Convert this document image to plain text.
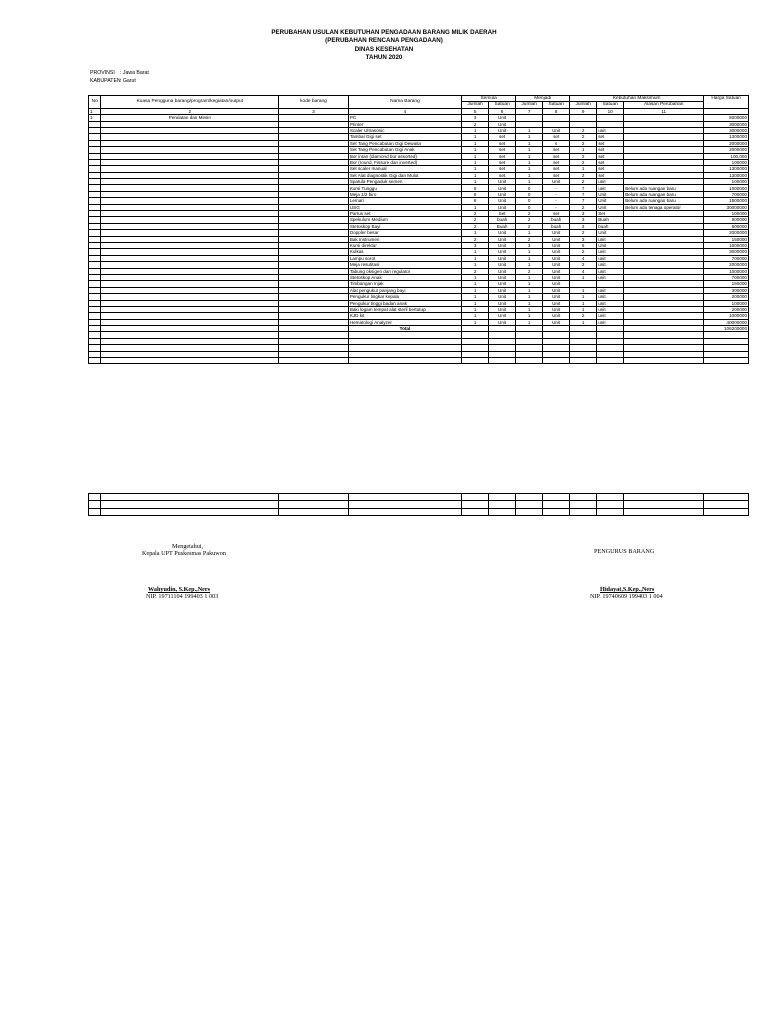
PERUBAHAN USULAN KEBUTUHAN PENGADAAN BARANG MILIK DAERAH
(PERUBAHAN RENCANA PENGADAAN)
DINAS KESEHATAN
TAHUN 2020
PROVINSI : Jawa Barat
KABUPATEN: Garut
No	Kuasa Pengguna barang/program/kegiatan/output	kode barang	Nama Barang	Semula		Menjadi		Kebutuhan Maksimum			Harga Satuan
				Jumlah	Satuan	Jumlah	Satuan	Jumlah	Satuan	Alasan Perubahan	
1	2	3	4	5	6	7	8	9	10	11	
1	Peralatan dan Mesin		PC	3	Unit						5000000
			Printer	2	Unit						3000000
			Scaler Ultrasonic	1	Unit	1	Unit	2	unit		3000000
			Tambal Gigi set	1	set	1	set	2	set		1300000
			Set Tang Pencabutan Gigi Dewasa	1	set	1	s	2	set		2000000
			Set Tang Pencabutan Gigi Anak	1	set	1	set	1	set		2000000
			Bor intan (diamond bur assorted)	1	set	1	set	2	set		100,000
			Bor (round, Fissure dan inverted)	1	set	1	set	2	set		100000
			Set scaler manual	1	set	1	set	1	set		1300000
			Set Alat diagnostik Gigi dan Mulut	1	set	1	set	2	set		1300000
			Spatula Pengaduk semen	1	Unit	1	Unit	2	unit		100000
			Kursi Tunggu	6	Unit	0	-	7	unit	Belum ada ruangan baru	1000000
			Meja 1/2 biro	6	Unit	0	-	7	Unit	Belum ada ruangan baru	700000
			Lemari	6	Unit	0	-	7	Unit	Belum ada ruangan baru	1500000
			USG	1	Unit	0	-	2	Unit	Belum ada tenaga operator	30000000
			Partus set	2	Set	2	set	3	Set		100000
			Spekulum Medium	2	buah	2	buah	3	Buah		600000
			Stetoskop Bayi	2	Buah	2	buah	3	buah		600000
			Doppler besar	1	Unit	1	Unit	2	Unit		2000000
			Bak Instrumen	2	Unit	2	Unit	3	unit		150000
			Kursi direktur	3	Unit	3	Unit	5	Unit		1000000
			Kulkas	1	Unit	1	Unit	2	unit		3000000
			Lampu sorot	1	Unit	1	Unit	4	unit		700000
			Meja resutitasi	1	Unit	1	Unit	2	unit		2000000
			Tabung oksigen dan regulator	2	Unit	2	Unit	4	unit		1000000
			Stetoskop Anak	1	Unit	1	Unit	1	unit		700000
			Timbangan Injak	1	Unit	1	Unit				150000
			Alat pengukur panjang bayi	1	Unit	1	Unit	1	unit		300000
			Pengukur lingkar kepala	1	Unit	1	Unit	1	unit		200000
			Pengukur tinggi badan anak	1	Unit	1	Unit	1	unit		100000
			Baki logam tempat alat steril bertutup	1	Unit	1	Unit	1	unit		200000
			KJD kit	1	Unit	1	Unit	2	unit		1000000
			Hematologi Analyzer	1	Unit	1	Unit	1	unit		40000000
			Total								106200000

Mengetahui,
Kepala UPT Puskesmas Pakuwon
Wahyudin, S.Kep.,Ners
NIP. 19711104 199403 1 003
PENGURUS BARANG
Hidayat,S.Kep.,Ners
NIP. 19740609 199403 1 004
